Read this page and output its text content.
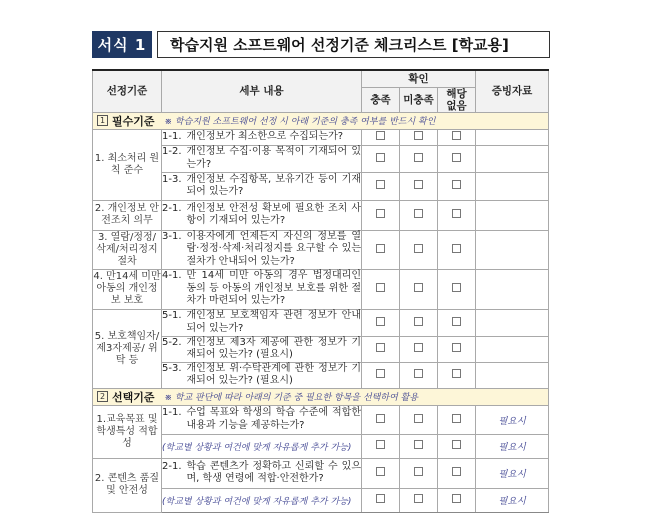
서식 1	학습지원 소프트웨어 선정기준 체크리스트 [학교용]
선정기준	세부 내용	확인			증빙자료
		충족	미충족	해당 없음	

1 필수기준 ※ 학습지원 소프트웨어 선정 시 아래 기준의 충족 여부를 반드시 확인					

1. 최소처리 원칙 준수	1-1. 개인정보가 최소한으로 수집되는가?				

	1-2. 개인정보 수집·이용 목적이 기재되어 있는가?				

	1-3. 개인정보 수집항목, 보유기간 등이 기재되어 있는가?				

2. 개인정보 안전조치 의무	2-1. 개인정보 안전성 확보에 필요한 조치 사항이 기재되어 있는가?				

3. 열람/정정/ 삭제/처리정지 절차	3-1. 이용자에게 언제든지 자신의 정보를 열람·정정·삭제·처리정지를 요구할 수 있는 절차가 안내되어 있는가?				

4. 만14세 미만 아동의 개인정보 보호	4-1. 만 14세 미만 아동의 경우 법정대리인 동의 등 아동의 개인정보 보호를 위한 절차가 마련되어 있는가?				

5. 보호책임자/ 제3자제공/ 위탁 등	5-1. 개인정보 보호책임자 관련 정보가 안내되어 있는가?				

	5-2. 개인정보 제3자 제공에 관한 정보가 기재되어 있는가? (필요시)				

	5-3. 개인정보 위·수탁관계에 관한 정보가 기재되어 있는가? (필요시)				

2 선택기준 ※ 학교 판단에 따라 아래의 기준 중 필요한 항목을 선택하여 활용					

1.교육목표 및 학생특성 적합성	1-1. 수업 목표와 학생의 학습 수준에 적합한 내용과 기능을 제공하는가?				필요시
	(학교별 상황과 여건에 맞게 자유롭게 추가 가능)				필요시
2. 콘텐츠 품질 및 안전성	2-1. 학습 콘텐츠가 정확하고 신뢰할 수 있으며, 학생 연령에 적합·안전한가?				필요시
	(학교별 상황과 여건에 맞게 자유롭게 추가 가능)				필요시
